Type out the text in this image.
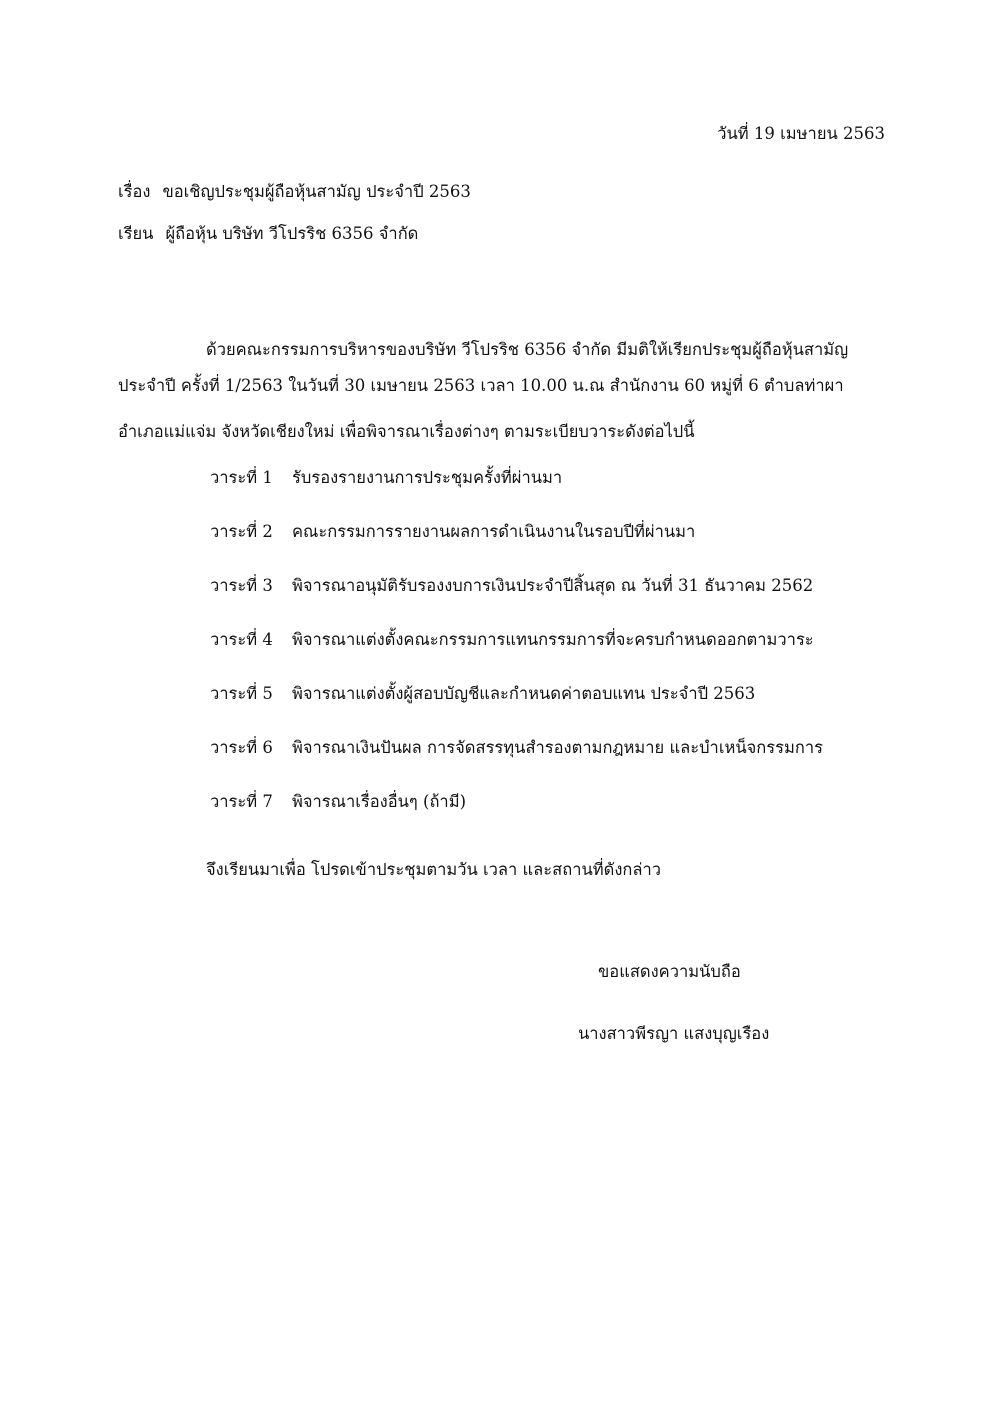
วันที่ 19 เมษายน 2563
เรื่อง ขอเชิญประชุมผู้ถือหุ้นสามัญ ประจำปี 2563
เรียน ผู้ถือหุ้น บริษัท วีโปรริช 6356 จำกัด
ด้วยคณะกรรมการบริหารของบริษัท วีโปรริช 6356 จำกัด มีมติให้เรียกประชุมผู้ถือหุ้นสามัญ
ประจำปี ครั้งที่ 1/2563 ในวันที่ 30 เมษายน 2563 เวลา 10.00 น.ณ สำนักงาน 60 หมู่ที่ 6 ตำบลท่าผา
อำเภอแม่แจ่ม จังหวัดเชียงใหม่ เพื่อพิจารณาเรื่องต่างๆ ตามระเบียบวาระดังต่อไปนี้
วาระที่ 1 รับรองรายงานการประชุมครั้งที่ผ่านมา
วาระที่ 2 คณะกรรมการรายงานผลการดำเนินงานในรอบปีที่ผ่านมา
วาระที่ 3 พิจารณาอนุมัติรับรองงบการเงินประจำปีสิ้นสุด ณ วันที่ 31 ธันวาคม 2562
วาระที่ 4 พิจารณาแต่งตั้งคณะกรรมการแทนกรรมการที่จะครบกำหนดออกตามวาระ
วาระที่ 5 พิจารณาแต่งตั้งผู้สอบบัญชีและกำหนดค่าตอบแทน ประจำปี 2563
วาระที่ 6 พิจารณาเงินปันผล การจัดสรรทุนสำรองตามกฎหมาย และบำเหน็จกรรมการ
วาระที่ 7 พิจารณาเรื่องอื่นๆ (ถ้ามี)
จึงเรียนมาเพื่อ โปรดเข้าประชุมตามวัน เวลา และสถานที่ดังกล่าว
ขอแสดงความนับถือ
นางสาวพีรญา แสงบุญเรือง
